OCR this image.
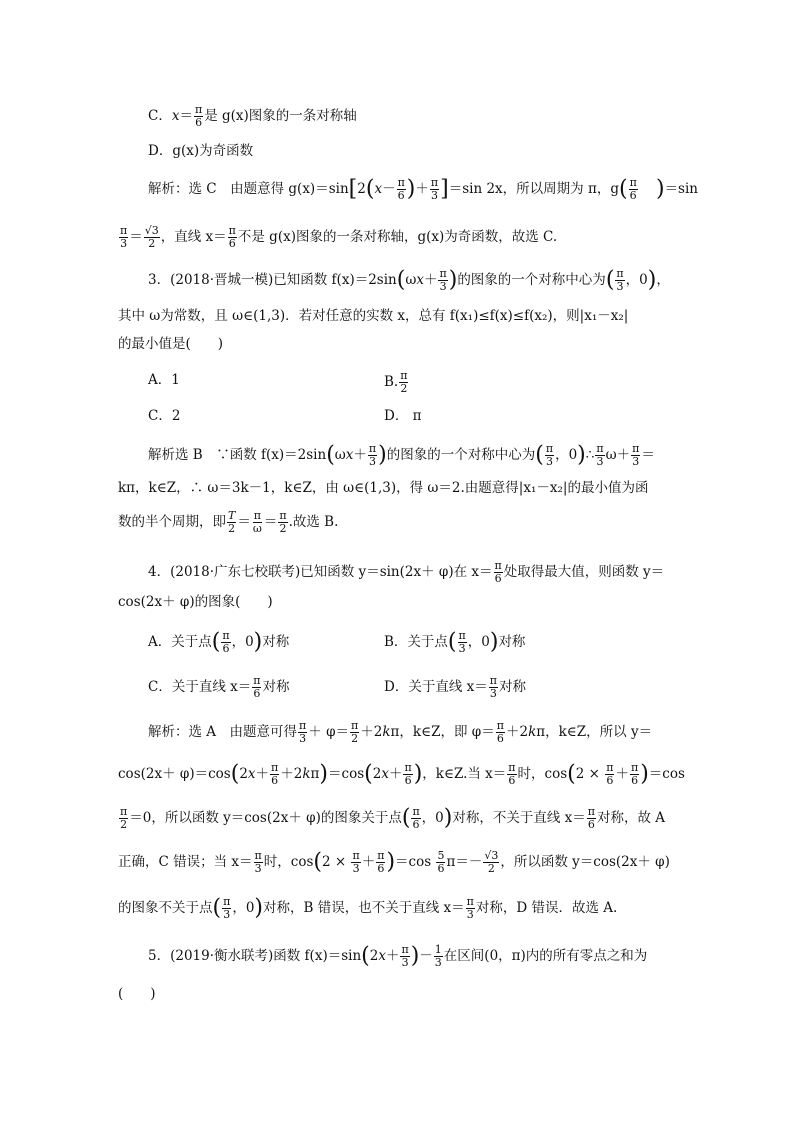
C．$x= \frac{\pi}{6}$ 是 g(x)图象的一条对称轴
D．g(x)为奇函数
解析：选 C　由题意得 $g(x)=\sin[2(x- \frac{\pi}{6}$ )＋ $\frac{\pi}{3} ]=\sin$ 2x，所以周期为 π，$g( \frac{\pi}{6} )=\sin$
$\frac{\pi}{3} = \frac{√3}{2}$ ，直线 $x= \frac{\pi}{6}$ 不是 g(x)图象的一条对称轴，g(x)为奇函数，故选 C.
3．(2018·晋城一模)已知函数 $f(x)=2\sin(\omega x+ \frac{\pi}{3}$ )的图象的一个对称中心为( $\frac{\pi}{3}$ ，0)，
其中 ω为常数，且 ω∈(1,3)．若对任意的实数 x，总有 f(x₁)≤f(x)≤f(x₂)，则|x₁－x₂|
的最小值是(　　)
A．1	B. $\frac{\pi}{2}$
C．2	D． π
解析选 B　∵函数 $f(x)=2\sin(\omega x+ \frac{\pi}{3}$ )的图象的一个对称中心为( $\frac{\pi}{3}$ ，0)∴ $\frac{\pi}{3} \omega+ \frac{\pi}{3}$ ＝
kπ，k∈Z，∴ ω＝3k－1，k∈Z，由 ω∈(1,3)，得 ω＝2.由题意得|x₁－x₂|的最小值为函
数的半个周期，即 $\frac{T}{2} = \frac{\pi}{\omega} = \frac{\pi}{2}$ .故选 B.
4．(2018·广东七校联考)已知函数 y＝sin(2x＋ φ)在 $x= \frac{\pi}{6}$ 处取得最大值，则函数 y＝
cos(2x＋ φ)的图象(　　)
A．关于点( $\frac{\pi}{6}$ ，0)对称	B．关于点( $\frac{\pi}{3}$ ，0)对称
C．关于直线 $x= \frac{\pi}{6}$ 对称	D．关于直线 $x= \frac{\pi}{3}$ 对称
解析：选 A　由题意可得 $\frac{\pi}{3} + \varphi= \frac{\pi}{2} +2k\pi$，k∈Z，即 $\varphi= \frac{\pi}{6} +2k\pi$，k∈Z，所以 y＝
$\cos(2x+ \varphi)=\cos(2x+ \frac{\pi}{6} +2k\pi)=\cos(2x+ \frac{\pi}{6}$ )，k∈Z.当 $x= \frac{\pi}{6}$ 时，$\cos(2 \times \frac{\pi}{6} + \frac{\pi}{6} )=\cos$
$\frac{\pi}{2} =0$，所以函数 y＝cos(2x＋ φ)的图象关于点( $\frac{\pi}{6}$ ，0)对称，不关于直线 $x= \frac{\pi}{6}$ 对称，故 A
正确，C 错误；当 $x= \frac{\pi}{3}$ 时，$\cos(2 \times \frac{\pi}{3} + \frac{\pi}{6} )=\cos \frac{5}{6} \pi=- \frac{√3}{2}$ ，所以函数 y＝cos(2x＋ φ)
的图象不关于点( $\frac{\pi}{3}$ ，0)对称，B 错误，也不关于直线 $x= \frac{\pi}{3}$ 对称，D 错误．故选 A.
5．(2019·衡水联考)函数 $f(x)=\sin(2x+ \frac{\pi}{3}$ )－ $\frac{1}{3}$ 在区间(0，π)内的所有零点之和为
(　　)
